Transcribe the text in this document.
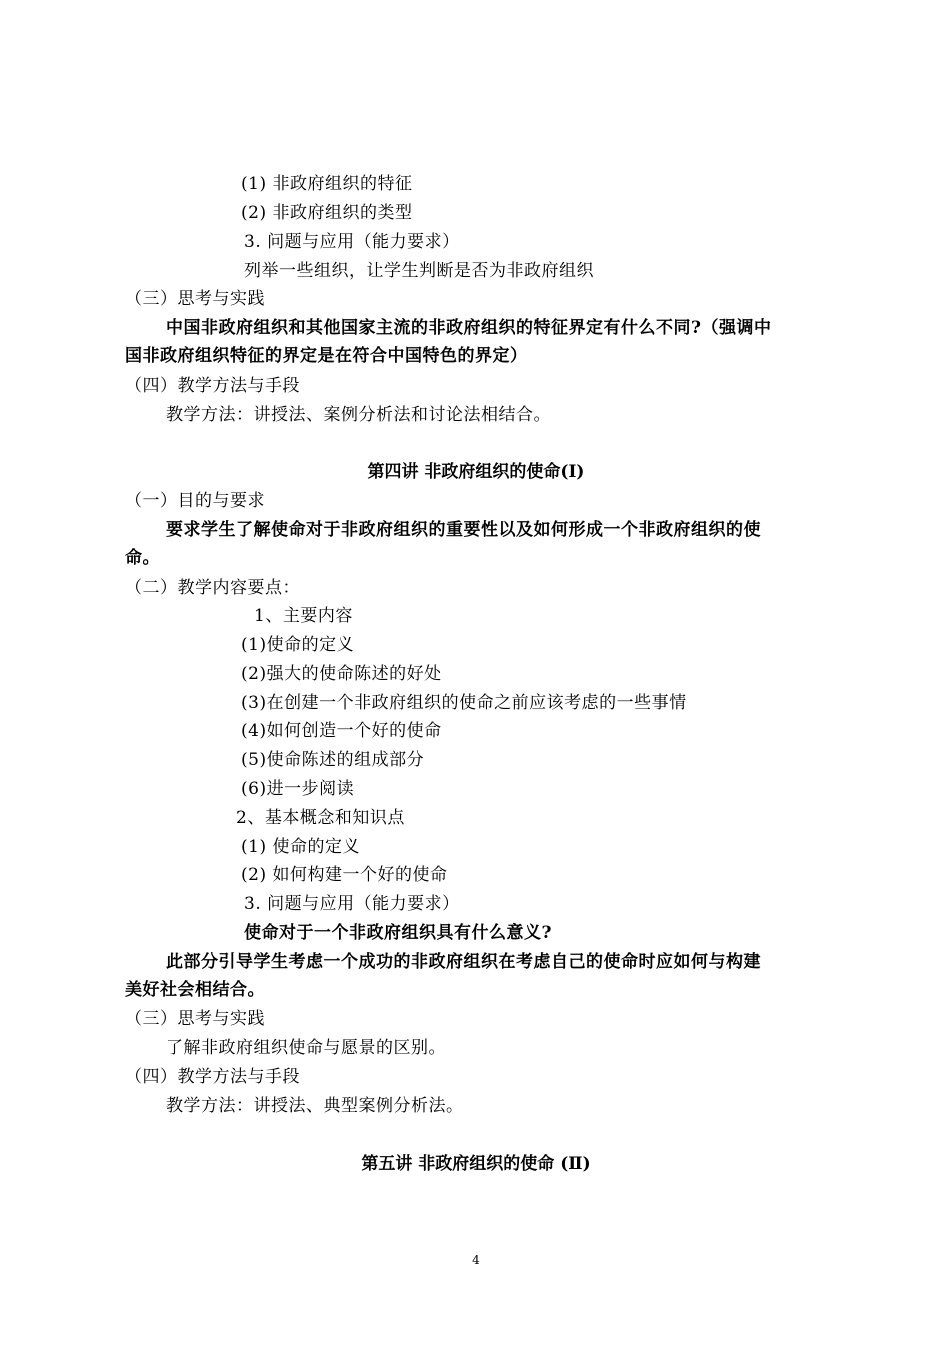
(1) 非政府组织的特征
(2) 非政府组织的类型
3. 问题与应用（能力要求）
列举一些组织，让学生判断是否为非政府组织
（三）思考与实践
中国非政府组织和其他国家主流的非政府组织的特征界定有什么不同?（强调中
国非政府组织特征的界定是在符合中国特色的界定）
（四）教学方法与手段
教学方法：讲授法、案例分析法和讨论法相结合。
第四讲 非政府组织的使命(Ⅰ)
（一）目的与要求
要求学生了解使命对于非政府组织的重要性以及如何形成一个非政府组织的使
命。
（二）教学内容要点：
1、主要内容
(1)使命的定义
(2)强大的使命陈述的好处
(3)在创建一个非政府组织的使命之前应该考虑的一些事情
(4)如何创造一个好的使命
(5)使命陈述的组成部分
(6)进一步阅读
2、基本概念和知识点
(1) 使命的定义
(2) 如何构建一个好的使命
3. 问题与应用（能力要求）
使命对于一个非政府组织具有什么意义?
此部分引导学生考虑一个成功的非政府组织在考虑自己的使命时应如何与构建
美好社会相结合。
（三）思考与实践
了解非政府组织使命与愿景的区别。
（四）教学方法与手段
教学方法：讲授法、典型案例分析法。
第五讲 非政府组织的使命 (Ⅱ)
4
